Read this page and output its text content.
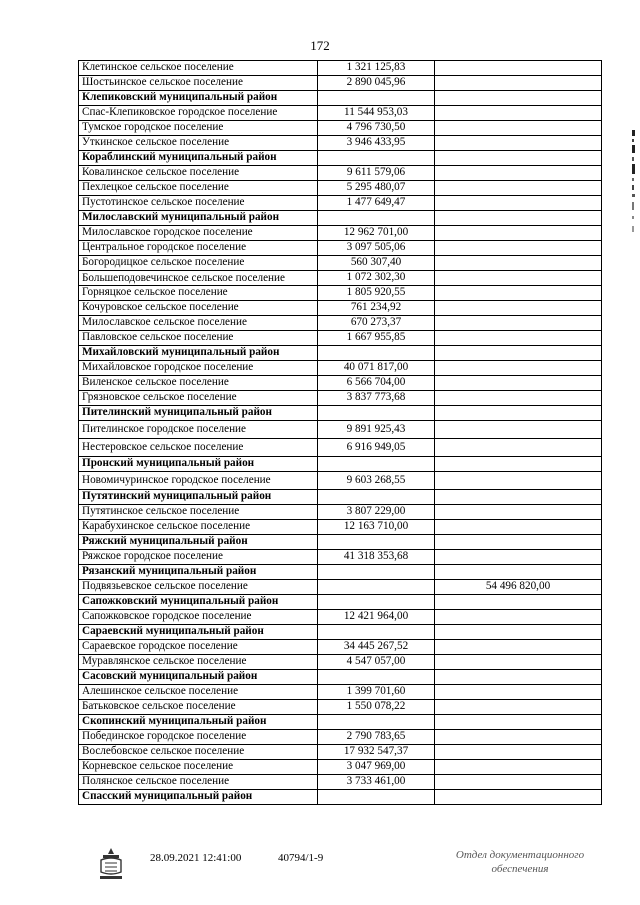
172
Клетинское сельское поселение	1 321 125,83	
Шостьинское сельское поселение	2 890 045,96	
Клепиковский муниципальный район		
Спас-Клепиковское городское поселение	11 544 953,03	
Тумское городское поселение	4 796 730,50	
Уткинское сельское поселение	3 946 433,95	
Кораблинский муниципальный район		
Ковалинское сельское поселение	9 611 579,06	
Пехлецкое сельское поселение	5 295 480,07	
Пустотинское сельское поселение	1 477 649,47	
Милославский муниципальный район		
Милославское городское поселение	12 962 701,00	
Центральное городское поселение	3 097 505,06	
Богородицкое сельское поселение	560 307,40	
Большеподовечинское сельское поселение	1 072 302,30	
Горняцкое сельское поселение	1 805 920,55	
Кочуровское сельское поселение	761 234,92	
Милославское сельское поселение	670 273,37	
Павловское сельское поселение	1 667 955,85	
Михайловский муниципальный район		
Михайловское городское поселение	40 071 817,00	
Виленское сельское поселение	6 566 704,00	
Грязновское сельское поселение	3 837 773,68	
Пителинский муниципальный район		
Пителинское городское поселение	9 891 925,43	
Нестеровское сельское поселение	6 916 949,05	
Пронский муниципальный район		
Новомичуринское городское поселение	9 603 268,55	
Путятинский муниципальный район		
Путятинское сельское поселение	3 807 229,00	
Карабухинское сельское поселение	12 163 710,00	
Ряжский муниципальный район		
Ряжское городское поселение	41 318 353,68	
Рязанский муниципальный район		
Подвязьевское сельское поселение		54 496 820,00
Сапожковский муниципальный район		
Сапожковское городское поселение	12 421 964,00	
Сараевский муниципальный район		
Сараевское городское поселение	34 445 267,52	
Муравлянское сельское поселение	4 547 057,00	
Сасовский муниципальный район		
Алешинское сельское поселение	1 399 701,60	
Батьковское сельское поселение	1 550 078,22	
Скопинский муниципальный район		
Побединское городское поселение	2 790 783,65	
Вослебовское сельское поселение	17 932 547,37	
Корневское сельское поселение	3 047 969,00	
Полянское сельское поселение	3 733 461,00	
Спасский муниципальный район		
28.09.2021 12:41:00	40794/1-9	Отдел документационного
обеспечения
